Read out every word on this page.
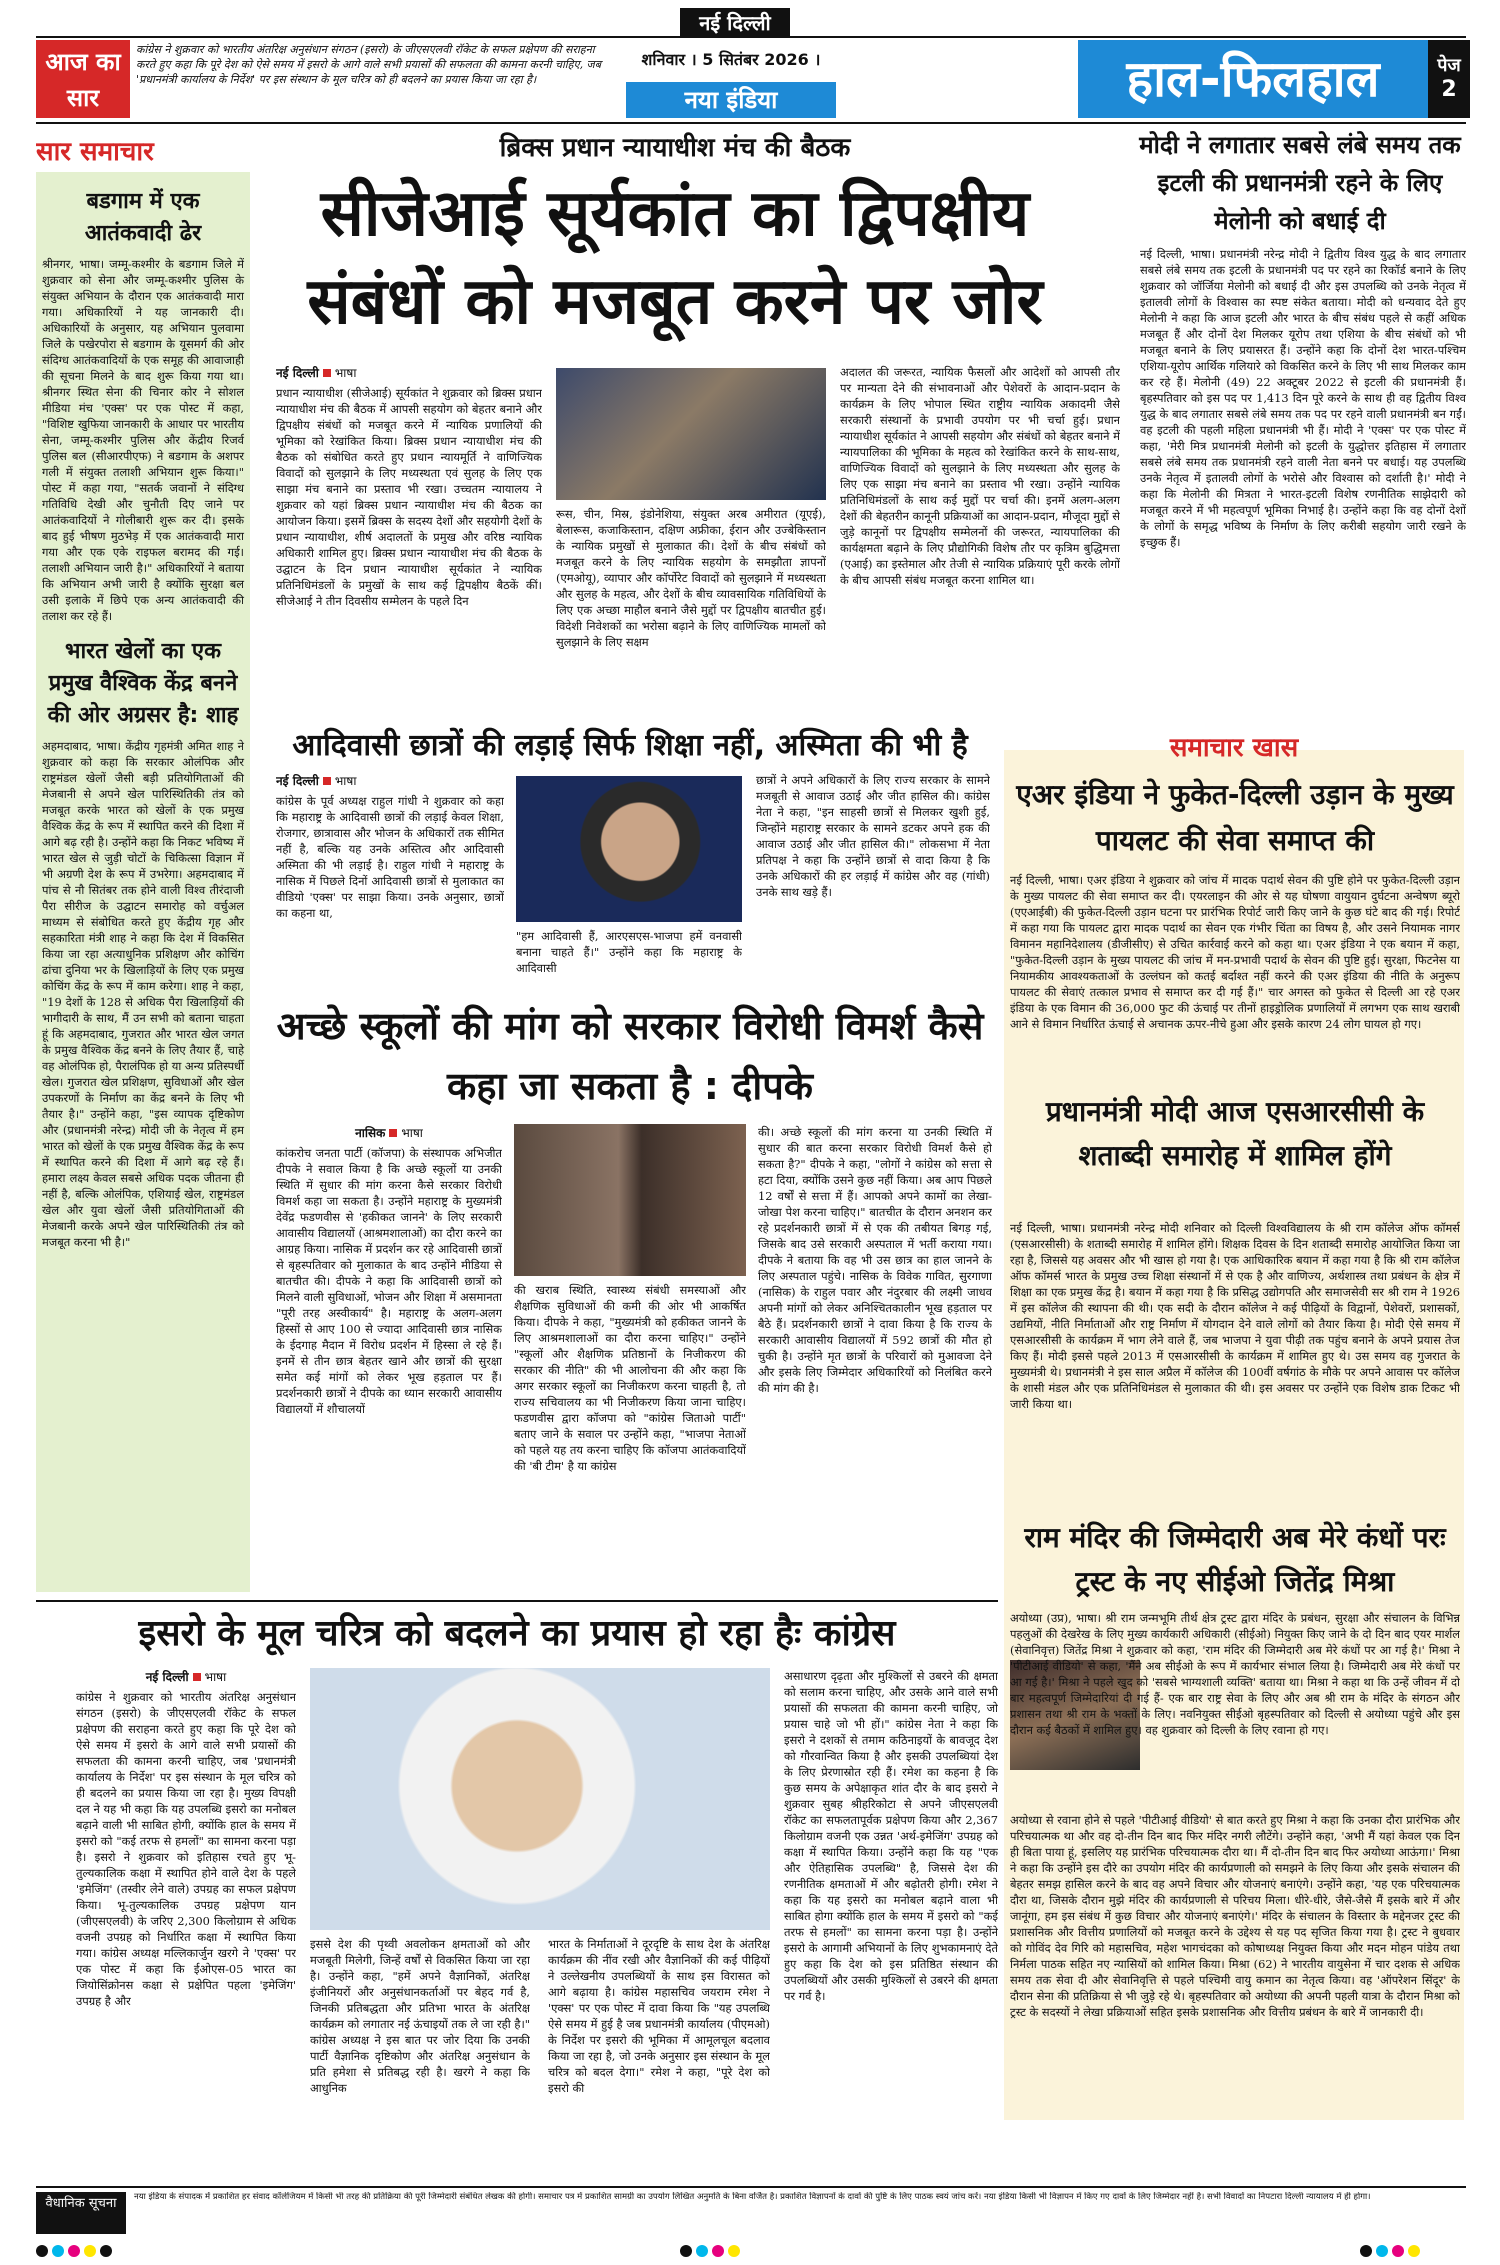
नई दिल्ली
आज का सार
कांग्रेस ने शुक्रवार को भारतीय अंतरिक्ष अनुसंधान संगठन (इसरो) के जीएसएलवी रॉकेट के सफल प्रक्षेपण की सराहना करते हुए कहा कि पूरे देश को ऐसे समय में इसरो के आगे वाले सभी प्रयासों की सफलता की कामना करनी चाहिए, जब 'प्रधानमंत्री कार्यालय के निर्देश' पर इस संस्थान के मूल चरित्र को ही बदलने का प्रयास किया जा रहा है।
शनिवार । 5 सितंबर 2026 ।
नया इंडिया	हाल-फिलहाल	पेज
2
सार समाचार
बडगाम में एक आतंकवादी ढेर
श्रीनगर, भाषा। जम्मू-कश्मीर के बडगाम जिले में शुक्रवार को सेना और जम्मू-कश्मीर पुलिस के संयुक्त अभियान के दौरान एक आतंकवादी मारा गया। अधिकारियों ने यह जानकारी दी। अधिकारियों के अनुसार, यह अभियान पुलवामा जिले के पखेरपोरा से बडगाम के यूसमर्ग की ओर संदिग्ध आतंकवादियों के एक समूह की आवाजाही की सूचना मिलने के बाद शुरू किया गया था। श्रीनगर स्थित सेना की चिनार कोर ने सोशल मीडिया मंच 'एक्स' पर एक पोस्ट में कहा, "विशिष्ट खुफिया जानकारी के आधार पर भारतीय सेना, जम्मू-कश्मीर पुलिस और केंद्रीय रिजर्व पुलिस बल (सीआरपीएफ) ने बडगाम के अशपर गली में संयुक्त तलाशी अभियान शुरू किया।" पोस्ट में कहा गया, "सतर्क जवानों ने संदिग्ध गतिविधि देखी और चुनौती दिए जाने पर आतंकवादियों ने गोलीबारी शुरू कर दी। इसके बाद हुई भीषण मुठभेड़ में एक आतंकवादी मारा गया और एक एके राइफल बरामद की गई। तलाशी अभियान जारी है।" अधिकारियों ने बताया कि अभियान अभी जारी है क्योंकि सुरक्षा बल उसी इलाके में छिपे एक अन्य आतंकवादी की तलाश कर रहे हैं।
भारत खेलों का एक प्रमुख वैश्विक केंद्र बनने की ओर अग्रसर है: शाह
अहमदाबाद, भाषा। केंद्रीय गृहमंत्री अमित शाह ने शुक्रवार को कहा कि सरकार ओलंपिक और राष्ट्रमंडल खेलों जैसी बड़ी प्रतियोगिताओं की मेजबानी से अपने खेल पारिस्थितिकी तंत्र को मजबूत करके भारत को खेलों के एक प्रमुख वैश्विक केंद्र के रूप में स्थापित करने की दिशा में आगे बढ़ रही है। उन्होंने कहा कि निकट भविष्य में भारत खेल से जुड़ी चोटों के चिकित्सा विज्ञान में भी अग्रणी देश के रूप में उभरेगा। अहमदाबाद में पांच से नौ सितंबर तक होने वाली विश्व तीरंदाजी पैरा सीरीज के उद्घाटन समारोह को वर्चुअल माध्यम से संबोधित करते हुए केंद्रीय गृह और सहकारिता मंत्री शाह ने कहा कि देश में विकसित किया जा रहा अत्याधुनिक प्रशिक्षण और कोचिंग ढांचा दुनिया भर के खिलाड़ियों के लिए एक प्रमुख कोचिंग केंद्र के रूप में काम करेगा। शाह ने कहा, "19 देशों के 128 से अधिक पैरा खिलाड़ियों की भागीदारी के साथ, मैं उन सभी को बताना चाहता हूं कि अहमदाबाद, गुजरात और भारत खेल जगत के प्रमुख वैश्विक केंद्र बनने के लिए तैयार हैं, चाहे वह ओलंपिक हो, पैरालंपिक हो या अन्य प्रतिस्पर्धी खेल। गुजरात खेल प्रशिक्षण, सुविधाओं और खेल उपकरणों के निर्माण का केंद्र बनने के लिए भी तैयार है।" उन्होंने कहा, "इस व्यापक दृष्टिकोण और (प्रधानमंत्री नरेन्द्र) मोदी जी के नेतृत्व में हम भारत को खेलों के एक प्रमुख वैश्विक केंद्र के रूप में स्थापित करने की दिशा में आगे बढ़ रहे हैं। हमारा लक्ष्य केवल सबसे अधिक पदक जीतना ही नहीं है, बल्कि ओलंपिक, एशियाई खेल, राष्ट्रमंडल खेल और युवा खेलों जैसी प्रतियोगिताओं की मेजबानी करके अपने खेल पारिस्थितिकी तंत्र को मजबूत करना भी है।"
ब्रिक्स प्रधान न्यायाधीश मंच की बैठक
सीजेआई सूर्यकांत का द्विपक्षीय संबंधों को मजबूत करने पर जोर
नई दिल्ली भाषा
प्रधान न्यायाधीश (सीजेआई) सूर्यकांत ने शुक्रवार को ब्रिक्स प्रधान न्यायाधीश मंच की बैठक में आपसी सहयोग को बेहतर बनाने और द्विपक्षीय संबंधों को मजबूत करने में न्यायिक प्रणालियों की भूमिका को रेखांकित किया। ब्रिक्स प्रधान न्यायाधीश मंच की बैठक को संबोधित करते हुए प्रधान न्यायमूर्ति ने वाणिज्यिक विवादों को सुलझाने के लिए मध्यस्थता एवं सुलह के लिए एक साझा मंच बनाने का प्रस्ताव भी रखा। उच्चतम न्यायालय ने शुक्रवार को यहां ब्रिक्स प्रधान न्यायाधीश मंच की बैठक का आयोजन किया। इसमें ब्रिक्स के सदस्य देशों और सहयोगी देशों के प्रधान न्यायाधीश, शीर्ष अदालतों के प्रमुख और वरिष्ठ न्यायिक अधिकारी शामिल हुए। ब्रिक्स प्रधान न्यायाधीश मंच की बैठक के उद्घाटन के दिन प्रधान न्यायाधीश सूर्यकांत ने न्यायिक प्रतिनिधिमंडलों के प्रमुखों के साथ कई द्विपक्षीय बैठकें कीं। सीजेआई ने तीन दिवसीय सम्मेलन के पहले दिन
रूस, चीन, मिस्र, इंडोनेशिया, संयुक्त अरब अमीरात (यूएई), बेलारूस, कजाकिस्तान, दक्षिण अफ्रीका, ईरान और उज्बेकिस्तान के न्यायिक प्रमुखों से मुलाकात की। देशों के बीच संबंधों को मजबूत करने के लिए न्यायिक सहयोग के समझौता ज्ञापनों (एमओयू), व्यापार और कॉर्पोरेट विवादों को सुलझाने में मध्यस्थता और सुलह के महत्व, और देशों के बीच व्यावसायिक गतिविधियों के लिए एक अच्छा माहौल बनाने जैसे मुद्दों पर द्विपक्षीय बातचीत हुई। विदेशी निवेशकों का भरोसा बढ़ाने के लिए वाणिज्यिक मामलों को सुलझाने के लिए सक्षम
अदालत की जरूरत, न्यायिक फैसलों और आदेशों को आपसी तौर पर मान्यता देने की संभावनाओं और पेशेवरों के आदान-प्रदान के कार्यक्रम के लिए भोपाल स्थित राष्ट्रीय न्यायिक अकादमी जैसे सरकारी संस्थानों के प्रभावी उपयोग पर भी चर्चा हुई। प्रधान न्यायाधीश सूर्यकांत ने आपसी सहयोग और संबंधों को बेहतर बनाने में न्यायपालिका की भूमिका के महत्व को रेखांकित करने के साथ-साथ, वाणिज्यिक विवादों को सुलझाने के लिए मध्यस्थता और सुलह के लिए एक साझा मंच बनाने का प्रस्ताव भी रखा। उन्होंने न्यायिक प्रतिनिधिमंडलों के साथ कई मुद्दों पर चर्चा की। इनमें अलग-अलग देशों की बेहतरीन कानूनी प्रक्रियाओं का आदान-प्रदान, मौजूदा मुद्दों से जुड़े कानूनों पर द्विपक्षीय सम्मेलनों की जरूरत, न्यायपालिका की कार्यक्षमता बढ़ाने के लिए प्रौद्योगिकी विशेष तौर पर कृत्रिम बुद्धिमत्ता (एआई) का इस्तेमाल और तेजी से न्यायिक प्रक्रियाएं पूरी करके लोगों के बीच आपसी संबंध मजबूत करना शामिल था।
मोदी ने लगातार सबसे लंबे समय तक इटली की प्रधानमंत्री रहने के लिए मेलोनी को बधाई दी
नई दिल्ली, भाषा। प्रधानमंत्री नरेन्द्र मोदी ने द्वितीय विश्व युद्ध के बाद लगातार सबसे लंबे समय तक इटली के प्रधानमंत्री पद पर रहने का रिकॉर्ड बनाने के लिए शुक्रवार को जॉर्जिया मेलोनी को बधाई दी और इस उपलब्धि को उनके नेतृत्व में इतालवी लोगों के विश्वास का स्पष्ट संकेत बताया। मोदी को धन्यवाद देते हुए मेलोनी ने कहा कि आज इटली और भारत के बीच संबंध पहले से कहीं अधिक मजबूत हैं और दोनों देश मिलकर यूरोप तथा एशिया के बीच संबंधों को भी मजबूत बनाने के लिए प्रयासरत हैं। उन्होंने कहा कि दोनों देश भारत-पश्चिम एशिया-यूरोप आर्थिक गलियारे को विकसित करने के लिए भी साथ मिलकर काम कर रहे हैं। मेलोनी (49) 22 अक्टूबर 2022 से इटली की प्रधानमंत्री हैं। बृहस्पतिवार को इस पद पर 1,413 दिन पूरे करने के साथ ही वह द्वितीय विश्व युद्ध के बाद लगातार सबसे लंबे समय तक पद पर रहने वाली प्रधानमंत्री बन गईं। वह इटली की पहली महिला प्रधानमंत्री भी हैं। मोदी ने 'एक्स' पर एक पोस्ट में कहा, 'मेरी मित्र प्रधानमंत्री मेलोनी को इटली के युद्धोत्तर इतिहास में लगातार सबसे लंबे समय तक प्रधानमंत्री रहने वाली नेता बनने पर बधाई। यह उपलब्धि उनके नेतृत्व में इतालवी लोगों के भरोसे और विश्वास को दर्शाती है।' मोदी ने कहा कि मेलोनी की मित्रता ने भारत-इटली विशेष रणनीतिक साझेदारी को मजबूत करने में भी महत्वपूर्ण भूमिका निभाई है। उन्होंने कहा कि वह दोनों देशों के लोगों के समृद्ध भविष्य के निर्माण के लिए करीबी सहयोग जारी रखने के इच्छुक हैं।
आदिवासी छात्रों की लड़ाई सिर्फ शिक्षा नहीं, अस्मिता की भी है
नई दिल्ली भाषा
कांग्रेस के पूर्व अध्यक्ष राहुल गांधी ने शुक्रवार को कहा कि महाराष्ट्र के आदिवासी छात्रों की लड़ाई केवल शिक्षा, रोजगार, छात्रावास और भोजन के अधिकारों तक सीमित नहीं है, बल्कि यह उनके अस्तित्व और आदिवासी अस्मिता की भी लड़ाई है। राहुल गांधी ने महाराष्ट्र के नासिक में पिछले दिनों आदिवासी छात्रों से मुलाकात का वीडियो 'एक्स' पर साझा किया। उनके अनुसार, छात्रों का कहना था,
"हम आदिवासी हैं, आरएसएस-भाजपा हमें वनवासी बनाना चाहते हैं।" उन्होंने कहा कि महाराष्ट्र के आदिवासी
छात्रों ने अपने अधिकारों के लिए राज्य सरकार के सामने मजबूती से आवाज उठाई और जीत हासिल की। कांग्रेस नेता ने कहा, "इन साहसी छात्रों से मिलकर खुशी हुई, जिन्होंने महाराष्ट्र सरकार के सामने डटकर अपने हक की आवाज उठाई और जीत हासिल की।" लोकसभा में नेता प्रतिपक्ष ने कहा कि उन्होंने छात्रों से वादा किया है कि उनके अधिकारों की हर लड़ाई में कांग्रेस और वह (गांधी) उनके साथ खड़े हैं।
समाचार खास
एअर इंडिया ने फुकेत-दिल्ली उड़ान के मुख्य पायलट की सेवा समाप्त की
नई दिल्ली, भाषा। एअर इंडिया ने शुक्रवार को जांच में मादक पदार्थ सेवन की पुष्टि होने पर फुकेत-दिल्ली उड़ान के मुख्य पायलट की सेवा समाप्त कर दी। एयरलाइन की ओर से यह घोषणा वायुयान दुर्घटना अन्वेषण ब्यूरो (एएआईबी) की फुकेत-दिल्ली उड़ान घटना पर प्रारंभिक रिपोर्ट जारी किए जाने के कुछ घंटे बाद की गई। रिपोर्ट में कहा गया कि पायलट द्वारा मादक पदार्थ का सेवन एक गंभीर चिंता का विषय है, और उसने नियामक नागर विमानन महानिदेशालय (डीजीसीए) से उचित कार्रवाई करने को कहा था। एअर इंडिया ने एक बयान में कहा, "फुकेत-दिल्ली उड़ान के मुख्य पायलट की जांच में मन-प्रभावी पदार्थ के सेवन की पुष्टि हुई। सुरक्षा, फिटनेस या नियामकीय आवश्यकताओं के उल्लंघन को कतई बर्दाश्त नहीं करने की एअर इंडिया की नीति के अनुरूप पायलट की सेवाएं तत्काल प्रभाव से समाप्त कर दी गई हैं।" चार अगस्त को फुकेत से दिल्ली आ रहे एअर इंडिया के एक विमान की 36,000 फुट की ऊंचाई पर तीनों हाइड्रोलिक प्रणालियों में लगभग एक साथ खराबी आने से विमान निर्धारित ऊंचाई से अचानक ऊपर-नीचे हुआ और इसके कारण 24 लोग घायल हो गए।
प्रधानमंत्री मोदी आज एसआरसीसी के शताब्दी समारोह में शामिल होंगे
नई दिल्ली, भाषा। प्रधानमंत्री नरेन्द्र मोदी शनिवार को दिल्ली विश्वविद्यालय के श्री राम कॉलेज ऑफ कॉमर्स (एसआरसीसी) के शताब्दी समारोह में शामिल होंगे। शिक्षक दिवस के दिन शताब्दी समारोह आयोजित किया जा रहा है, जिससे यह अवसर और भी खास हो गया है। एक आधिकारिक बयान में कहा गया है कि श्री राम कॉलेज ऑफ कॉमर्स भारत के प्रमुख उच्च शिक्षा संस्थानों में से एक है और वाणिज्य, अर्थशास्त्र तथा प्रबंधन के क्षेत्र में शिक्षा का एक प्रमुख केंद्र है। बयान में कहा गया है कि प्रसिद्ध उद्योगपति और समाजसेवी सर श्री राम ने 1926 में इस कॉलेज की स्थापना की थी। एक सदी के दौरान कॉलेज ने कई पीढ़ियों के विद्वानों, पेशेवरों, प्रशासकों, उद्यमियों, नीति निर्माताओं और राष्ट्र निर्माण में योगदान देने वाले लोगों को तैयार किया है। मोदी ऐसे समय में एसआरसीसी के कार्यक्रम में भाग लेने वाले हैं, जब भाजपा ने युवा पीढ़ी तक पहुंच बनाने के अपने प्रयास तेज किए हैं। मोदी इससे पहले 2013 में एसआरसीसी के कार्यक्रम में शामिल हुए थे। उस समय वह गुजरात के मुख्यमंत्री थे। प्रधानमंत्री ने इस साल अप्रैल में कॉलेज की 100वीं वर्षगांठ के मौके पर अपने आवास पर कॉलेज के शासी मंडल और एक प्रतिनिधिमंडल से मुलाकात की थी। इस अवसर पर उन्होंने एक विशेष डाक टिकट भी जारी किया था।
राम मंदिर की जिम्मेदारी अब मेरे कंधों परः ट्रस्ट के नए सीईओ जितेंद्र मिश्रा
अयोध्या (उप्र), भाषा। श्री राम जन्मभूमि तीर्थ क्षेत्र ट्रस्ट द्वारा मंदिर के प्रबंधन, सुरक्षा और संचालन के विभिन्न पहलुओं की देखरेख के लिए मुख्य कार्यकारी अधिकारी (सीईओ) नियुक्त किए जाने के दो दिन बाद एयर मार्शल (सेवानिवृत्त) जितेंद्र मिश्रा ने शुक्रवार को कहा, 'राम मंदिर की जिम्मेदारी अब मेरे कंधों पर आ गई है।' मिश्रा ने 'पीटीआई वीडियो' से कहा, 'मैंने अब सीईओ के रूप में कार्यभार संभाल लिया है। जिम्मेदारी अब मेरे कंधों पर आ गई है।' मिश्रा ने पहले खुद को 'सबसे भाग्यशाली व्यक्ति' बताया था। मिश्रा ने कहा था कि उन्हें जीवन में दो बार महत्वपूर्ण जिम्मेदारियां दी गई हैं- एक बार राष्ट्र सेवा के लिए और अब श्री राम के मंदिर के संगठन और प्रशासन तथा श्री राम के भक्तों के लिए। नवनियुक्त सीईओ बृहस्पतिवार को दिल्ली से अयोध्या पहुंचे और इस दौरान कई बैठकों में शामिल हुए। वह शुक्रवार को दिल्ली के लिए रवाना हो गए।
अयोध्या से रवाना होने से पहले 'पीटीआई वीडियो' से बात करते हुए मिश्रा ने कहा कि उनका दौरा प्रारंभिक और परिचयात्मक था और वह दो-तीन दिन बाद फिर मंदिर नगरी लौटेंगे। उन्होंने कहा, 'अभी मैं यहां केवल एक दिन ही बिता पाया हूं, इसलिए यह प्रारंभिक परिचयात्मक दौरा था। मैं दो-तीन दिन बाद फिर अयोध्या आऊंगा।' मिश्रा ने कहा कि उन्होंने इस दौरे का उपयोग मंदिर की कार्यप्रणाली को समझने के लिए किया और इसके संचालन की बेहतर समझ हासिल करने के बाद वह अपने विचार और योजनाएं बनाएंगे। उन्होंने कहा, 'यह एक परिचयात्मक दौरा था, जिसके दौरान मुझे मंदिर की कार्यप्रणाली से परिचय मिला। धीरे-धीरे, जैसे-जैसे मैं इसके बारे में और जानूंगा, हम इस संबंध में कुछ विचार और योजनाएं बनाएंगे।' मंदिर के संचालन के विस्तार के मद्देनजर ट्रस्ट की प्रशासनिक और वित्तीय प्रणालियों को मजबूत करने के उद्देश्य से यह पद सृजित किया गया है। ट्रस्ट ने बुधवार को गोविंद देव गिरि को महासचिव, महेश भागचंदका को कोषाध्यक्ष नियुक्त किया और मदन मोहन पांडेय तथा निर्मला पाठक सहित नए न्यासियों को शामिल किया। मिश्रा (62) ने भारतीय वायुसेना में चार दशक से अधिक समय तक सेवा दी और सेवानिवृत्ति से पहले पश्चिमी वायु कमान का नेतृत्व किया। वह 'ऑपरेशन सिंदूर' के दौरान सेना की प्रतिक्रिया से भी जुड़े रहे थे। बृहस्पतिवार को अयोध्या की अपनी पहली यात्रा के दौरान मिश्रा को ट्रस्ट के सदस्यों ने लेखा प्रक्रियाओं सहित इसके प्रशासनिक और वित्तीय प्रबंधन के बारे में जानकारी दी।
अच्छे स्कूलों की मांग को सरकार विरोधी विमर्श कैसे कहा जा सकता है : दीपके
नासिक भाषा
कांकरोच जनता पार्टी (कॉजपा) के संस्थापक अभिजीत दीपके ने सवाल किया है कि अच्छे स्कूलों या उनकी स्थिति में सुधार की मांग करना कैसे सरकार विरोधी विमर्श कहा जा सकता है। उन्होंने महाराष्ट्र के मुख्यमंत्री देवेंद्र फडणवीस से 'हकीकत जानने' के लिए सरकारी आवासीय विद्यालयों (आश्रमशालाओं) का दौरा करने का आग्रह किया। नासिक में प्रदर्शन कर रहे आदिवासी छात्रों से बृहस्पतिवार को मुलाकात के बाद उन्होंने मीडिया से बातचीत की। दीपके ने कहा कि आदिवासी छात्रों को मिलने वाली सुविधाओं, भोजन और शिक्षा में असमानता "पूरी तरह अस्वीकार्य" है। महाराष्ट्र के अलग-अलग हिस्सों से आए 100 से ज्यादा आदिवासी छात्र नासिक के ईदगाह मैदान में विरोध प्रदर्शन में हिस्सा ले रहे हैं। इनमें से तीन छात्र बेहतर खाने और छात्रों की सुरक्षा समेत कई मांगों को लेकर भूख हड़ताल पर हैं। प्रदर्शनकारी छात्रों ने दीपके का ध्यान सरकारी आवासीय विद्यालयों में शौचालयों
की खराब स्थिति, स्वास्थ्य संबंधी समस्याओं और शैक्षणिक सुविधाओं की कमी की ओर भी आकर्षित किया। दीपके ने कहा, "मुख्यमंत्री को हकीकत जानने के लिए आश्रमशालाओं का दौरा करना चाहिए।" उन्होंने "स्कूलों और शैक्षणिक प्रतिष्ठानों के निजीकरण की सरकार की नीति" की भी आलोचना की और कहा कि अगर सरकार स्कूलों का निजीकरण करना चाहती है, तो राज्य सचिवालय का भी निजीकरण किया जाना चाहिए। फडणवीस द्वारा कॉजपा को "कांग्रेस जिताओ पार्टी" बताए जाने के सवाल पर उन्होंने कहा, "भाजपा नेताओं को पहले यह तय करना चाहिए कि कॉजपा आतंकवादियों की 'बी टीम' है या कांग्रेस
की। अच्छे स्कूलों की मांग करना या उनकी स्थिति में सुधार की बात करना सरकार विरोधी विमर्श कैसे हो सकता है?" दीपके ने कहा, "लोगों ने कांग्रेस को सत्ता से हटा दिया, क्योंकि उसने कुछ नहीं किया। अब आप पिछले 12 वर्षों से सत्ता में हैं। आपको अपने कामों का लेखा-जोखा पेश करना चाहिए।" बातचीत के दौरान अनशन कर रहे प्रदर्शनकारी छात्रों में से एक की तबीयत बिगड़ गई, जिसके बाद उसे सरकारी अस्पताल में भर्ती कराया गया। दीपके ने बताया कि वह भी उस छात्र का हाल जानने के लिए अस्पताल पहुंचे। नासिक के विवेक गावित, सुरगाणा (नासिक) के राहुल पवार और नंदुरबार की लक्ष्मी जाधव अपनी मांगों को लेकर अनिश्चितकालीन भूख हड़ताल पर बैठे हैं। प्रदर्शनकारी छात्रों ने दावा किया है कि राज्य के सरकारी आवासीय विद्यालयों में 592 छात्रों की मौत हो चुकी है। उन्होंने मृत छात्रों के परिवारों को मुआवजा देने और इसके लिए जिम्मेदार अधिकारियों को निलंबित करने की मांग की है।
इसरो के मूल चरित्र को बदलने का प्रयास हो रहा हैः कांग्रेस
नई दिल्ली भाषा
कांग्रेस ने शुक्रवार को भारतीय अंतरिक्ष अनुसंधान संगठन (इसरो) के जीएसएलवी रॉकेट के सफल प्रक्षेपण की सराहना करते हुए कहा कि पूरे देश को ऐसे समय में इसरो के आगे वाले सभी प्रयासों की सफलता की कामना करनी चाहिए, जब 'प्रधानमंत्री कार्यालय के निर्देश' पर इस संस्थान के मूल चरित्र को ही बदलने का प्रयास किया जा रहा है। मुख्य विपक्षी दल ने यह भी कहा कि यह उपलब्धि इसरो का मनोबल बढ़ाने वाली भी साबित होगी, क्योंकि हाल के समय में इसरो को "कई तरफ से हमलों" का सामना करना पड़ा है। इसरो ने शुक्रवार को इतिहास रचते हुए भू-तुल्यकालिक कक्षा में स्थापित होने वाले देश के पहले 'इमेजिंग' (तस्वीर लेने वाले) उपग्रह का सफल प्रक्षेपण किया। भू-तुल्यकालिक उपग्रह प्रक्षेपण यान (जीएसएलवी) के जरिए 2,300 किलोग्राम से अधिक वजनी उपग्रह को निर्धारित कक्षा में स्थापित किया गया। कांग्रेस अध्यक्ष मल्लिकार्जुन खरगे ने 'एक्स' पर एक पोस्ट में कहा कि ईओएस-05 भारत का जियोसिंक्रोनस कक्षा से प्रक्षेपित पहला 'इमेजिंग' उपग्रह है और
इससे देश की पृथ्वी अवलोकन क्षमताओं को और मजबूती मिलेगी, जिन्हें वर्षों से विकसित किया जा रहा है। उन्होंने कहा, "हमें अपने वैज्ञानिकों, अंतरिक्ष इंजीनियरों और अनुसंधानकर्ताओं पर बेहद गर्व है, जिनकी प्रतिबद्धता और प्रतिभा भारत के अंतरिक्ष कार्यक्रम को लगातार नई ऊंचाइयों तक ले जा रही है।" कांग्रेस अध्यक्ष ने इस बात पर जोर दिया कि उनकी पार्टी वैज्ञानिक दृष्टिकोण और अंतरिक्ष अनुसंधान के प्रति हमेशा से प्रतिबद्ध रही है। खरगे ने कहा कि आधुनिक
भारत के निर्माताओं ने दूरदृष्टि के साथ देश के अंतरिक्ष कार्यक्रम की नींव रखी और वैज्ञानिकों की कई पीढ़ियों ने उल्लेखनीय उपलब्धियों के साथ इस विरासत को आगे बढ़ाया है। कांग्रेस महासचिव जयराम रमेश ने 'एक्स' पर एक पोस्ट में दावा किया कि "यह उपलब्धि ऐसे समय में हुई है जब प्रधानमंत्री कार्यालय (पीएमओ) के निर्देश पर इसरो की भूमिका में आमूलचूल बदलाव किया जा रहा है, जो उनके अनुसार इस संस्थान के मूल चरित्र को बदल देगा।" रमेश ने कहा, "पूरे देश को इसरो की
असाधारण दृढ़ता और मुश्किलों से उबरने की क्षमता को सलाम करना चाहिए, और उसके आने वाले सभी प्रयासों की सफलता की कामना करनी चाहिए, जो प्रयास चाहे जो भी हों।" कांग्रेस नेता ने कहा कि इसरो ने दशकों से तमाम कठिनाइयों के बावजूद देश को गौरवान्वित किया है और इसकी उपलब्धियां देश के लिए प्रेरणास्रोत रही हैं। रमेश का कहना है कि कुछ समय के अपेक्षाकृत शांत दौर के बाद इसरो ने शुक्रवार सुबह श्रीहरिकोटा से अपने जीएसएलवी रॉकेट का सफलतापूर्वक प्रक्षेपण किया और 2,367 किलोग्राम वजनी एक उन्नत 'अर्थ-इमेजिंग' उपग्रह को कक्षा में स्थापित किया। उन्होंने कहा कि यह "एक और ऐतिहासिक उपलब्धि" है, जिससे देश की रणनीतिक क्षमताओं में और बढ़ोतरी होगी। रमेश ने कहा कि यह इसरो का मनोबल बढ़ाने वाला भी साबित होगा क्योंकि हाल के समय में इसरो को "कई तरफ से हमलों" का सामना करना पड़ा है। उन्होंने इसरो के आगामी अभियानों के लिए शुभकामनाएं देते हुए कहा कि देश को इस प्रतिष्ठित संस्थान की उपलब्धियों और उसकी मुश्किलों से उबरने की क्षमता पर गर्व है।
वैधानिक सूचना	नया इंडिया के संपादक में प्रकाशित हर संवाद कॉलेजियम में किसी भी तरह की प्रतिक्रिया की पूरी जिम्मेदारी संबंधित लेखक की होगी। समाचार पत्र में प्रकाशित सामग्री का उपयोग लिखित अनुमति के बिना वर्जित है। प्रकाशित विज्ञापनों के दावों की पुष्टि के लिए पाठक स्वयं जांच करें। नया इंडिया किसी भी विज्ञापन में किए गए दावों के लिए जिम्मेदार नहीं है। सभी विवादों का निपटारा दिल्ली न्यायालय में ही होगा।
